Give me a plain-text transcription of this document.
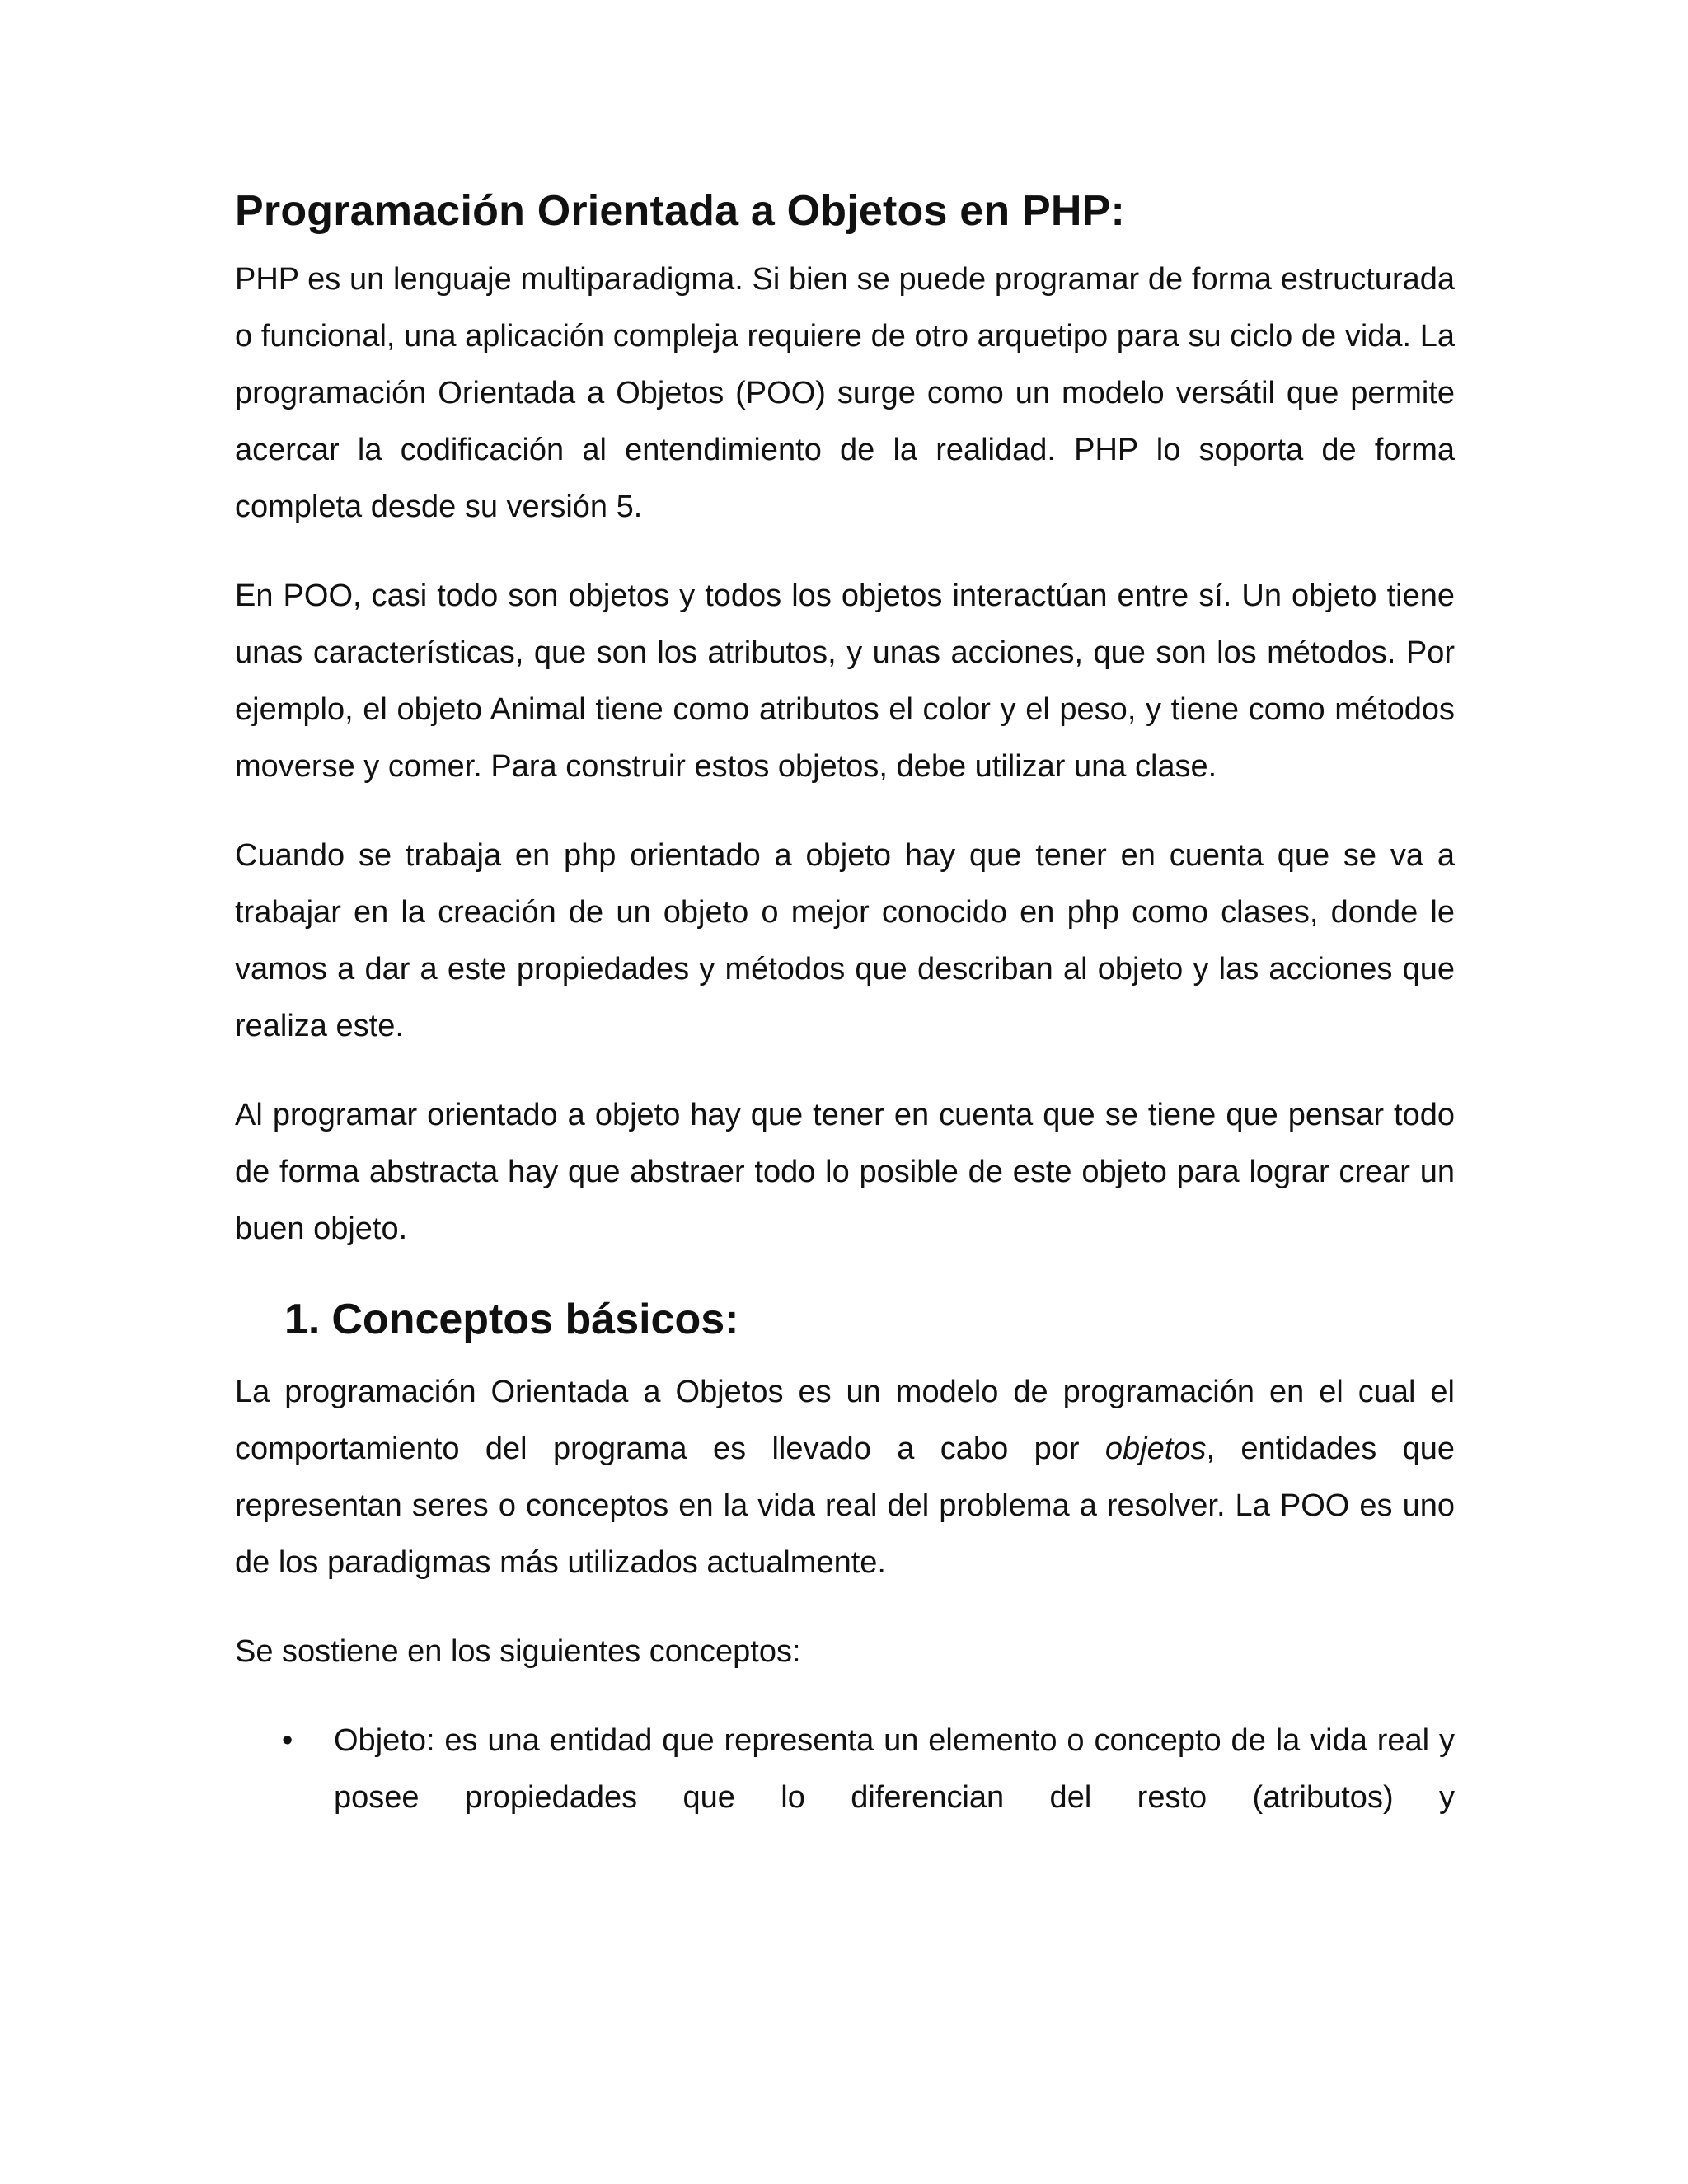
Programación Orientada a Objetos en PHP:

PHP es un lenguaje multiparadigma. Si bien se puede programar de forma estructurada o funcional, una aplicación compleja requiere de otro arquetipo para su ciclo de vida. La programación Orientada a Objetos (POO) surge como un modelo versátil que permite acercar la codificación al entendimiento de la realidad. PHP lo soporta de forma completa desde su versión 5.

En POO, casi todo son objetos y todos los objetos interactúan entre sí. Un objeto tiene unas características, que son los atributos, y unas acciones, que son los métodos. Por ejemplo, el objeto Animal tiene como atributos el color y el peso, y tiene como métodos moverse y comer. Para construir estos objetos, debe utilizar una clase.

Cuando se trabaja en php orientado a objeto hay que tener en cuenta que se va a trabajar en la creación de un objeto o mejor conocido en php como clases, donde le vamos a dar a este propiedades y métodos que describan al objeto y las acciones que realiza este.

Al programar orientado a objeto hay que tener en cuenta que se tiene que pensar todo de forma abstracta hay que abstraer todo lo posible de este objeto para lograr crear un buen objeto.

1. Conceptos básicos:

La programación Orientada a Objetos es un modelo de programación en el cual el comportamiento del programa es llevado a cabo por objetos, entidades que representan seres o conceptos en la vida real del problema a resolver. La POO es uno de los paradigmas más utilizados actualmente.

Se sostiene en los siguientes conceptos:

• Objeto: es una entidad que representa un elemento o concepto de la vida real y posee propiedades que lo diferencian del resto (atributos) y
